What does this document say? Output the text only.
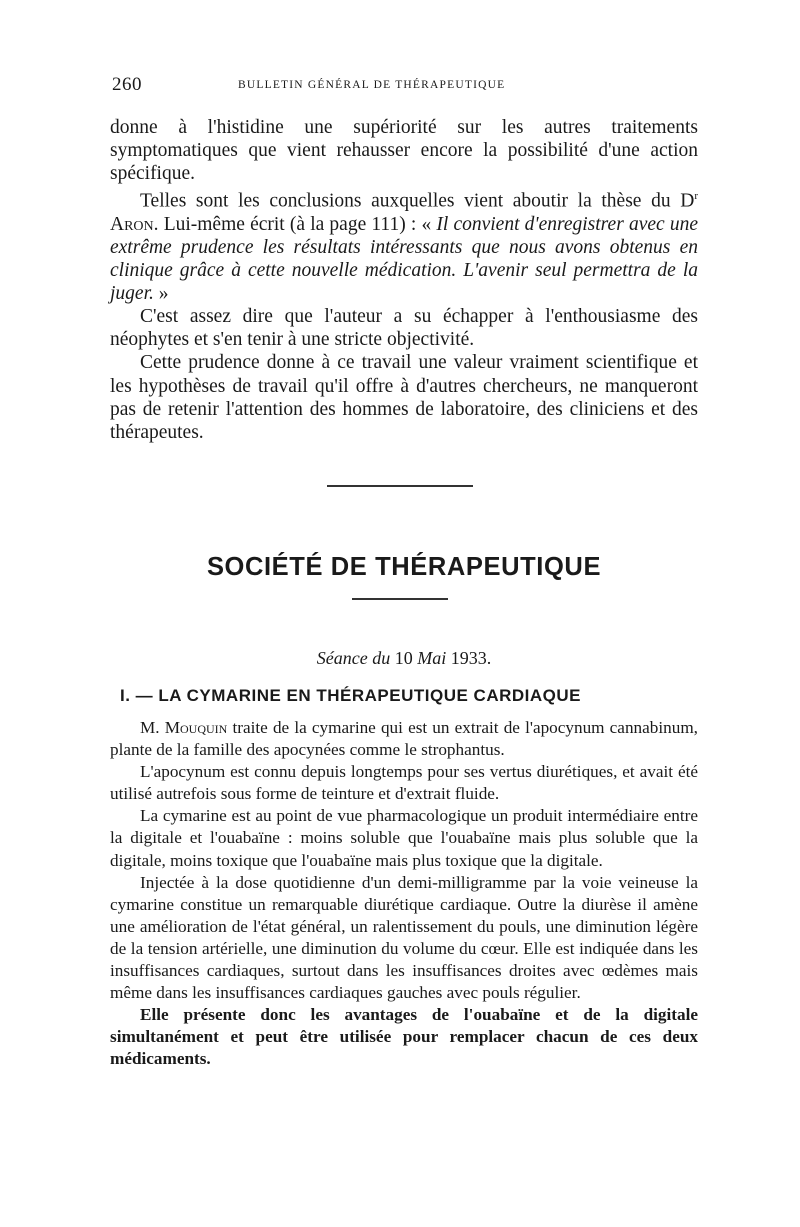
260	BULLETIN GÉNÉRAL DE THÉRAPEUTIQUE

donne à l'histidine une supériorité sur les autres traitements symptomatiques que vient rehausser encore la possibilité d'une action spécifique.

Telles sont les conclusions auxquelles vient aboutir la thèse du $D^r$ Aron. Lui-même écrit (à la page 111) : « Il convient d'enregistrer avec une extrême prudence les résultats intéressants que nous avons obtenus en clinique grâce à cette nouvelle médication. L'avenir seul permettra de la juger. »

C'est assez dire que l'auteur a su échapper à l'enthousiasme des néophytes et s'en tenir à une stricte objectivité.

Cette prudence donne à ce travail une valeur vraiment scientifique et les hypothèses de travail qu'il offre à d'autres chercheurs, ne manqueront pas de retenir l'attention des hommes de laboratoire, des cliniciens et des thérapeutes.

SOCIÉTÉ DE THÉRAPEUTIQUE
Séance du 10 Mai 1933.
I. — LA CYMARINE EN THÉRAPEUTIQUE CARDIAQUE

M. Mouquin traite de la cymarine qui est un extrait de l'apocynum cannabinum, plante de la famille des apocynées comme le strophantus.

L'apocynum est connu depuis longtemps pour ses vertus diurétiques, et avait été utilisé autrefois sous forme de teinture et d'extrait fluide.

La cymarine est au point de vue pharmacologique un produit intermédiaire entre la digitale et l'ouabaïne : moins soluble que l'ouabaïne mais plus soluble que la digitale, moins toxique que l'ouabaïne mais plus toxique que la digitale.

Injectée à la dose quotidienne d'un demi-milligramme par la voie veineuse la cymarine constitue un remarquable diurétique cardiaque. Outre la diurèse il amène une amélioration de l'état général, un ralentissement du pouls, une diminution légère de la tension artérielle, une diminution du volume du cœur. Elle est indiquée dans les insuffisances cardiaques, surtout dans les insuffisances droites avec œdèmes mais même dans les insuffisances cardiaques gauches avec pouls régulier.

Elle présente donc les avantages de l'ouabaïne et de la digitale simultanément et peut être utilisée pour remplacer chacun de ces deux médicaments.
